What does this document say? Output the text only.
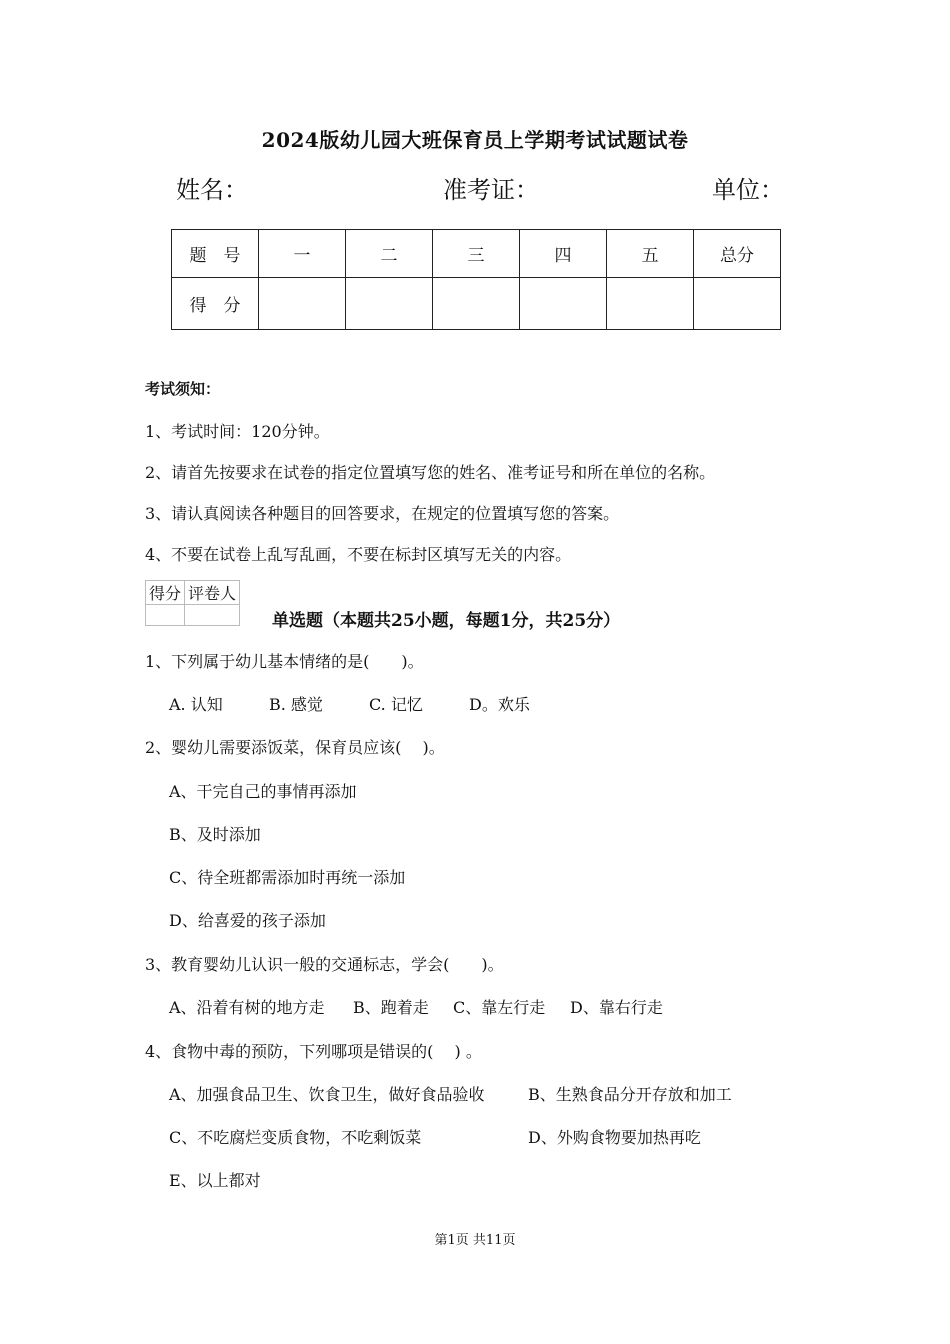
2024版幼儿园大班保育员上学期考试试题试卷
姓名：	准考证：	单位：
题　号	一	二	三	四	五	总分
得　分						
考试须知：
1、考试时间：120分钟。
2、请首先按要求在试卷的指定位置填写您的姓名、准考证号和所在单位的名称。
3、请认真阅读各种题目的回答要求，在规定的位置填写您的答案。
4、不要在试卷上乱写乱画，不要在标封区填写无关的内容。
得分	评卷人

单选题（本题共25小题，每题1分，共25分）
1、下列属于幼儿基本情绪的是(　　)。
A. 认知	B. 感觉	C. 记忆	D。欢乐
2、婴幼儿需要添饭菜，保育员应该(　 )。
A、干完自己的事情再添加
B、及时添加
C、待全班都需添加时再统一添加
D、给喜爱的孩子添加
3、教育婴幼儿认识一般的交通标志，学会(　　)。
A、沿着有树的地方走 B、跑着走 C、靠左行走 D、靠右行走
4、食物中毒的预防，下列哪项是错误的(　 ) 。
A、加强食品卫生、饮食卫生，做好食品验收	B、生熟食品分开存放和加工
C、不吃腐烂变质食物，不吃剩饭菜	D、外购食物要加热再吃
E、以上都对
第1页 共11页
